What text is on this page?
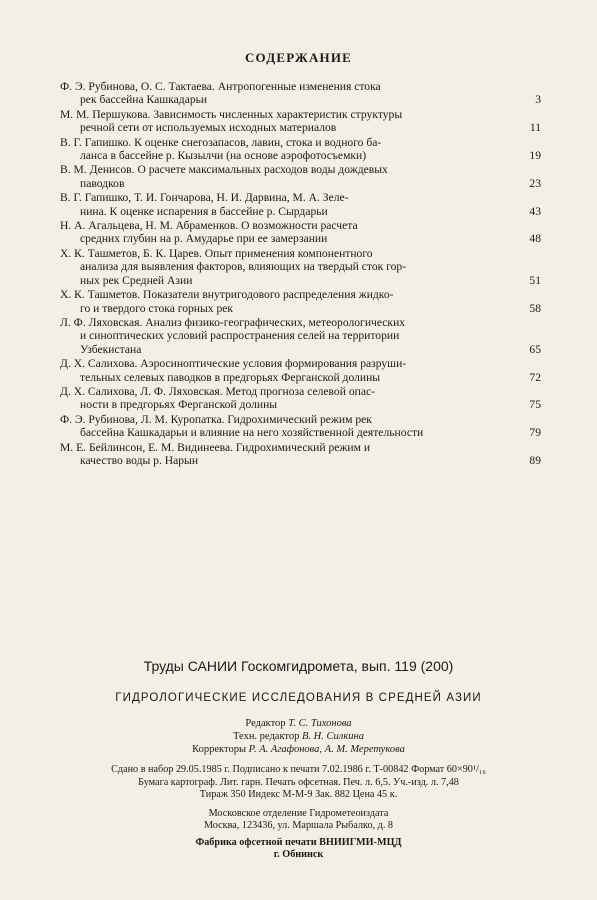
СОДЕРЖАНИЕ
Ф. Э. Рубинова, О. С. Тактаева. Антропогенные изменения стока
рек бассейна Кашкадарьи	3
М. М. Першукова. Зависимость численных характеристик структуры
речной сети от используемых исходных материалов	11
В. Г. Гапишко. К оценке снегозапасов, лавин, стока и водного ба-
ланса в бассейне р. Кызылчи (на основе аэрофотосъемки)	19
В. М. Денисов. О расчете максимальных расходов воды дождевых
паводков	23
В. Г. Гапишко, Т. И. Гончарова, Н. И. Дарвина, М. А. Зеле-
нина. К оценке испарения в бассейне р. Сырдарьи	43
Н. А. Агальцева, Н. М. Абраменков. О возможности расчета
средних глубин на р. Амударье при ее замерзании	48
Х. К. Ташметов, Б. К. Царев. Опыт применения компонентного
анализа для выявления факторов, влияющих на твердый сток гор-
ных рек Средней Азии	51
Х. К. Ташметов. Показатели внутригодового распределения жидко-
го и твердого стока горных рек	58
Л. Ф. Ляховская. Анализ физико-географических, метеорологических
и синоптических условий распространения селей на территории
Узбекистана	65
Д. Х. Салихова. Аэросиноптические условия формирования разруши-
тельных селевых паводков в предгорьях Ферганской долины	72
Д. Х. Салихова, Л. Ф. Ляховская. Метод прогноза селевой опас-
ности в предгорьях Ферганской долины	75
Ф. Э. Рубинова, Л. М. Куропатка. Гидрохимический режим рек
бассейна Кашкадарьи и влияние на него хозяйственной деятельности	79
М. Е. Бейлинсон, Е. М. Видинеева. Гидрохимический режим и
качество воды р. Нарын	89
Труды САНИИ Госкомгидромета, вып. 119 (200)
ГИДРОЛОГИЧЕСКИЕ ИССЛЕДОВАНИЯ В СРЕДНЕЙ АЗИИ
Редактор Т. С. Тихонова
Техн. редактор В. Н. Силкина
Корректоры Р. А. Агафонова, А. М. Меретукова
Сдано в набор 29.05.1985 г. Подписано к печати 7.02.1986 г. Т-00842 Формат 60×90¹/₁₆
Бумага картограф. Лит. гарн. Печать офсетная. Печ. л. 6,5. Уч.-изд. л. 7,48
Тираж 350 Индекс М-М-9 Зак. 882 Цена 45 к.
Московское отделение Гидрометеоиздата
Москва, 123436, ул. Маршала Рыбалко, д. 8
Фабрика офсетной печати ВНИИГМИ-МЦД
г. Обнинск
